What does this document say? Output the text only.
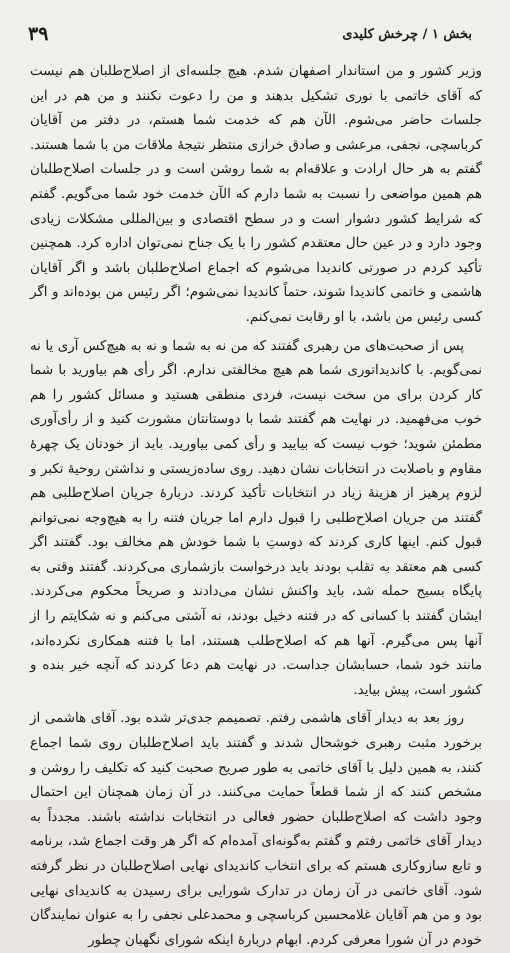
بخش ۱ / چرخش کلیدی
۳۹

وزیر کشور و من استاندار اصفهان شدم. هیچ جلسه‌ای از اصلاح‌طلبان هم نیست که آقای خاتمی با نوری تشکیل بدهند و من را دعوت نکنند و من هم در این جلسات حاضر می‌شوم. الآن هم که خدمت شما هستم، در دفتر من آقایان کرباسچی، نجفی، مرعشی و صادق خرازی منتظر نتیجهٔ ملاقات من با شما هستند. گفتم به هر حال ارادت و علاقه‌ام به شما روشن است و در جلسات اصلاح‌طلبان هم همین مواضعی را نسبت به شما دارم که الآن خدمت خود شما می‌گویم. گفتم که شرایط کشور دشوار است و در سطح اقتصادی و بین‌المللی مشکلات زیادی وجود دارد و در عین حال معتقدم کشور را با یک جناح نمی‌توان اداره کرد. همچنین تأکید کردم در صورتی کاندیدا می‌شوم که اجماع اصلاح‌طلبان باشد و اگر آقایان هاشمی و خاتمی کاندیدا شوند، حتماً کاندیدا نمی‌شوم؛ اگر رئیس من بوده‌اند و اگر کسی رئیس من باشد، با او رقابت نمی‌کنم.

پس از صحبت‌های من رهبری گفتند که من نه به شما و نه به هیچ‌کس آری یا نه نمی‌گویم. با کاندیداتوری شما هم هیچ مخالفتی ندارم. اگر رأی هم بیاورید با شما کار کردن برای من سخت نیست، فردی منطقی هستید و مسائل کشور را هم خوب می‌فهمید. در نهایت هم گفتند شما با دوستانتان مشورت کنید و از رأی‌آوری مطمئن شوید؛ خوب نیست که بیایید و رأی کمی بیاورید. باید از خودتان یک چهرهٔ مقاوم و باصلابت در انتخابات نشان دهید. روی ساده‌زیستی و نداشتن روحیهٔ تکبر و لزوم پرهیز از هزینهٔ زیاد در انتخابات تأکید کردند. دربارهٔ جریان اصلاح‌طلبی هم گفتند من جریان اصلاح‌طلبی را قبول دارم اما جریان فتنه را به هیچ‌وجه نمی‌توانم قبول کنم. اینها کاری کردند که دوستِ با شما خودش هم مخالف بود. گفتند اگر کسی هم معتقد به تقلب بودند باید درخواست بازشماری می‌کردند. گفتند وقتی به پایگاه بسیج حمله شد، باید واکنش نشان می‌دادند و صریحاً محکوم می‌کردند. ایشان گفتند با کسانی که در فتنه دخیل بودند، نه آشتی می‌کنم و نه شکایتم را از آنها پس می‌گیرم. آنها هم که اصلاح‌طلب هستند، اما با فتنه همکاری نکرده‌اند، مانند خود شما، حسابشان جداست. در نهایت هم دعا کردند که آنچه خیر بنده و کشور است، پیش بیاید.

روز بعد به دیدار آقای هاشمی رفتم. تصمیمم جدی‌تر شده بود. آقای هاشمی از برخورد مثبت رهبری خوشحال شدند و گفتند باید اصلاح‌طلبان روی شما اجماع کنند، به همین دلیل با آقای خاتمی به طور صریح صحبت کنید که تکلیف را روشن و مشخص کنند که از شما قطعاً حمایت می‌کنند. در آن زمان همچنان این احتمال وجود داشت که اصلاح‌طلبان حضور فعالی در انتخابات نداشته باشند. مجدداً به دیدار آقای خاتمی رفتم و گفتم به‌گونه‌ای آمده‌ام که اگر هر وقت اجماع شد، برنامه و تابع سازوکاری هستم که برای انتخاب کاندیدای نهایی اصلاح‌طلبان در نظر گرفته شود. آقای خاتمی در آن زمان در تدارک شورایی برای رسیدن به کاندیدای نهایی بود و من هم آقایان غلامحسین کرباسچی و محمدعلی نجفی را به عنوان نمایندگان خودم در آن شورا معرفی کردم. ابهام دربارهٔ اینکه شورای نگهبان چطور
